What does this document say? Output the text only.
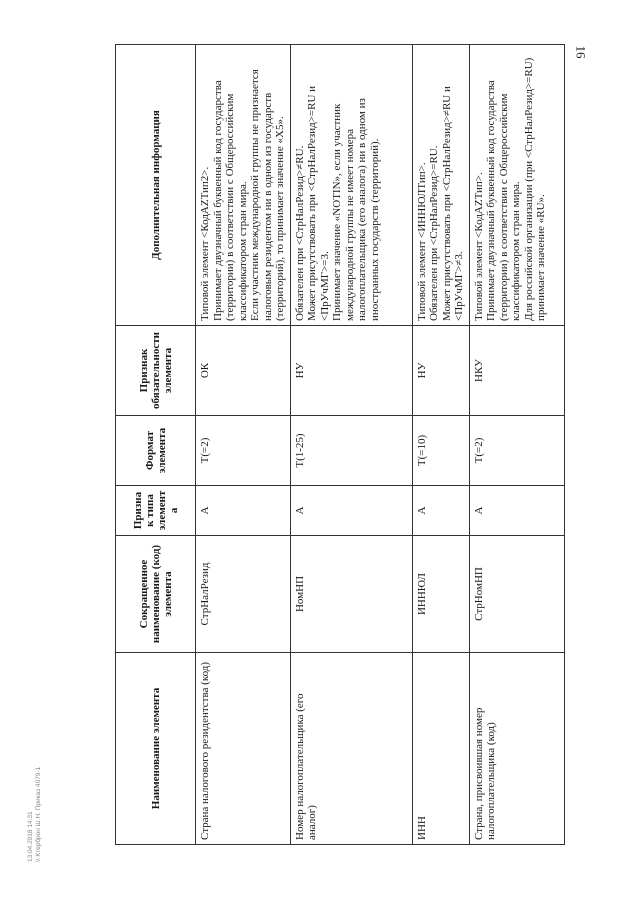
16
13.04.2018 14:31 \\ Ктерброн Ш.Н. Приказ 4079-1
Наименование элемента	Сокращенное наименование (код) элемента	Признак типа элемента	Формат элемента	Признак обязательности элемента	Дополнительная информация
Страна налогового резидентства (код)	СтрНалРезид	А	T(=2)	ОК	Типовой элемент <КодАZТип2>. Принимает двузначный буквенный код государства (территории) в соответствии с Общероссийским классификатором стран мира. Если участник международной группы не признается налоговым резидентом ни в одном из государств (территорий), то принимает значение «X5».

Номер налогоплательщика (его аналог)	НомНП	А	T(1-25)	НУ	Обязателен при <СтрНалРезид>≠RU. Может присутствовать при <СтрНалРезид>=RU и <ПрУчМГ>=3. Принимает значение «NOTIN», если участник международной группы не имеет номера налогоплательщика (его аналога) ни в одном из иностранных государств (территорий).

ИНН	ИННЮЛ	А	T(=10)	НУ	Типовой элемент <ИННЮЛТип>. Обязателен при <СтрНалРезид>=RU. Может присутствовать при <СтрНалРезид>≠RU и <ПрУчМГ>≠3.

Страна, присвоившая номер налогоплательщика (код)	СтрНомНП	А	T(=2)	НКУ	Типовой элемент <КодАZТип>. Принимает двузначный буквенный код государства (территории) в соответствии с Общероссийским классификатором стран мира. Для российской организации (при <СтрНалРезид>=RU) принимает значение «RU».
